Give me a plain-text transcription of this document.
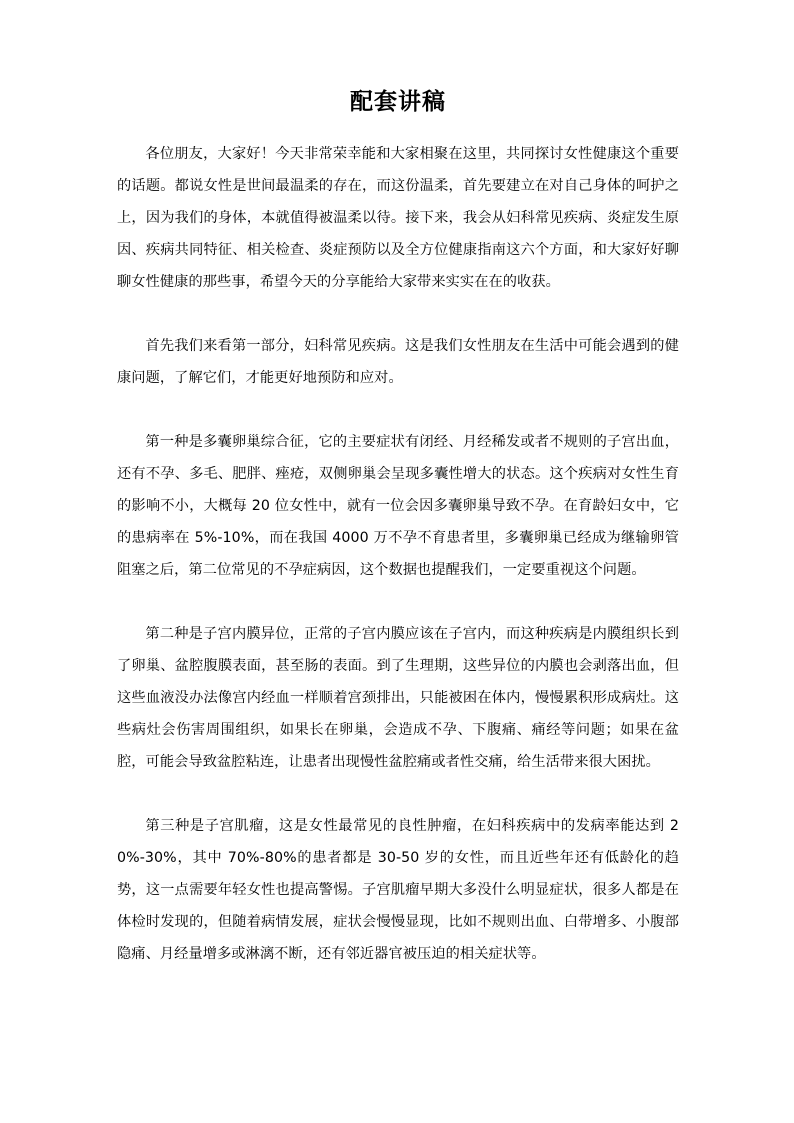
配套讲稿

各位朋友，大家好！今天非常荣幸能和大家相聚在这里，共同探讨女性健康这个重要的话题。都说女性是世间最温柔的存在，而这份温柔，首先要建立在对自己身体的呵护之上，因为我们的身体，本就值得被温柔以待。接下来，我会从妇科常见疾病、炎症发生原因、疾病共同特征、相关检查、炎症预防以及全方位健康指南这六个方面，和大家好好聊聊女性健康的那些事，希望今天的分享能给大家带来实实在在的收获。

首先我们来看第一部分，妇科常见疾病。这是我们女性朋友在生活中可能会遇到的健康问题，了解它们，才能更好地预防和应对。

第一种是多囊卵巢综合征，它的主要症状有闭经、月经稀发或者不规则的子宫出血，还有不孕、多毛、肥胖、痤疮，双侧卵巢会呈现多囊性增大的状态。这个疾病对女性生育的影响不小，大概每 20 位女性中，就有一位会因多囊卵巢导致不孕。在育龄妇女中，它的患病率在 5%-10%，而在我国 4000 万不孕不育患者里，多囊卵巢已经成为继输卵管阻塞之后，第二位常见的不孕症病因，这个数据也提醒我们，一定要重视这个问题。

第二种是子宫内膜异位，正常的子宫内膜应该在子宫内，而这种疾病是内膜组织长到了卵巢、盆腔腹膜表面，甚至肠的表面。到了生理期，这些异位的内膜也会剥落出血，但这些血液没办法像宫内经血一样顺着宫颈排出，只能被困在体内，慢慢累积形成病灶。这些病灶会伤害周围组织，如果长在卵巢，会造成不孕、下腹痛、痛经等问题；如果在盆腔，可能会导致盆腔粘连，让患者出现慢性盆腔痛或者性交痛，给生活带来很大困扰。

第三种是子宫肌瘤，这是女性最常见的良性肿瘤，在妇科疾病中的发病率能达到 20%-30%，其中 70%-80%的患者都是 30-50 岁的女性，而且近些年还有低龄化的趋势，这一点需要年轻女性也提高警惕。子宫肌瘤早期大多没什么明显症状，很多人都是在体检时发现的，但随着病情发展，症状会慢慢显现，比如不规则出血、白带增多、小腹部隐痛、月经量增多或淋漓不断，还有邻近器官被压迫的相关症状等。
